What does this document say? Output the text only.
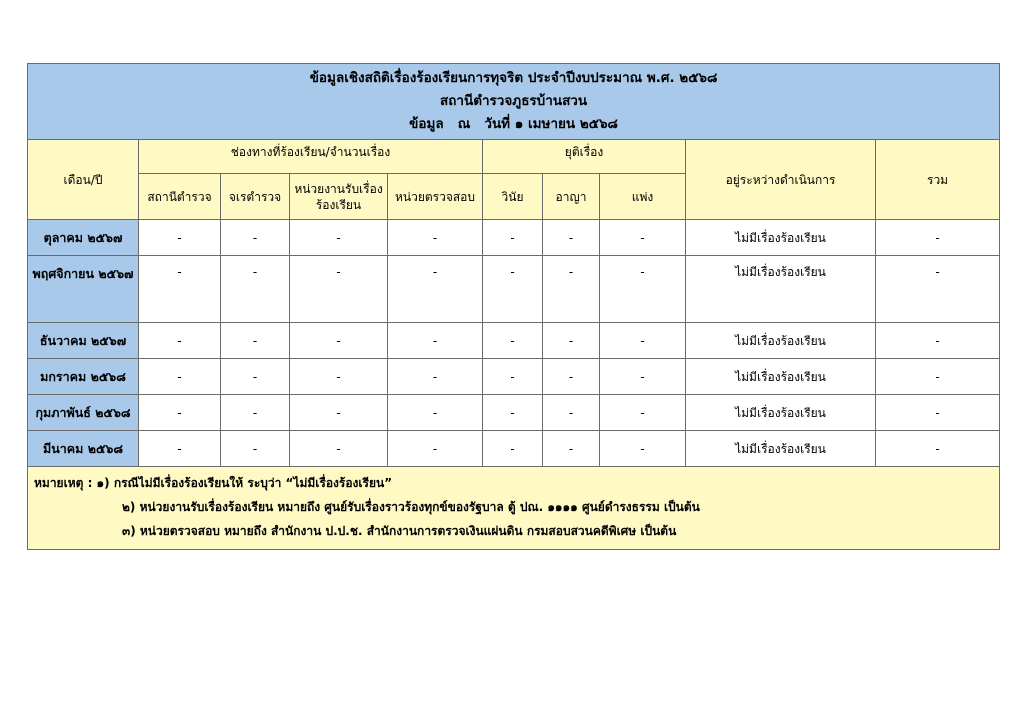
ข้อมูลเชิงสถิติเรื่องร้องเรียนการทุจริต ประจำปีงบประมาณ พ.ศ. ๒๕๖๘
สถานีตำรวจภูธรบ้านสวน
ข้อมูล   ณ   วันที่ ๑ เมษายน ๒๕๖๘									

เดือน/ปี	ช่องทางที่ร้องเรียน/จำนวนเรื่อง				ยุติเรื่อง			อยู่ระหว่างดำเนินการ	รวม
	สถานีตำรวจ	จเรตำรวจ	หน่วยงานรับเรื่องร้องเรียน	หน่วยตรวจสอบ	วินัย	อาญา	แพ่ง		
ตุลาคม ๒๕๖๗	-	-	-	-	-	-	-	ไม่มีเรื่องร้องเรียน	-
พฤศจิกายน ๒๕๖๗	-	-	-	-	-	-	-	ไม่มีเรื่องร้องเรียน	-
ธันวาคม ๒๕๖๗	-	-	-	-	-	-	-	ไม่มีเรื่องร้องเรียน	-
มกราคม ๒๕๖๘	-	-	-	-	-	-	-	ไม่มีเรื่องร้องเรียน	-
กุมภาพันธ์ ๒๕๖๘	-	-	-	-	-	-	-	ไม่มีเรื่องร้องเรียน	-
มีนาคม ๒๕๖๘	-	-	-	-	-	-	-	ไม่มีเรื่องร้องเรียน	-

หมายเหตุ : ๑) กรณีไม่มีเรื่องร้องเรียนให้ ระบุว่า “ไม่มีเรื่องร้องเรียน”
๒) หน่วยงานรับเรื่องร้องเรียน หมายถึง ศูนย์รับเรื่องราวร้องทุกข์ของรัฐบาล ตู้ ปณ. ๑๑๑๑ ศูนย์ดำรงธรรม เป็นต้น
๓) หน่วยตรวจสอบ หมายถึง สำนักงาน ป.ป.ช. สำนักงานการตรวจเงินแผ่นดิน กรมสอบสวนคดีพิเศษ เป็นต้น									
